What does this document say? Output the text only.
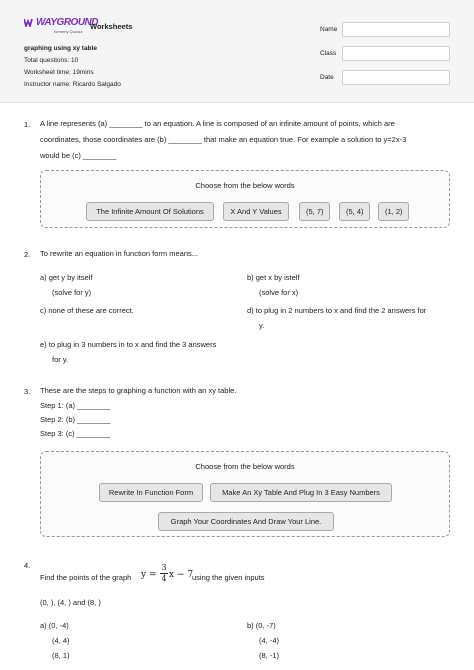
WAYGROUND
formerly Quizizz
Worksheets
graphing using xy table
Total questions: 10
Worksheet time: 19mins
Instructor name: Ricardo Salgado
Name
Class
Date
1. A line represents (a) ________ to an equation. A line is composed of an infinite amount of points, which are
coordinates, those coordinates are (b) ________ that make an equation true. For example a solution to y=2x-3
would be (c) ________
Choose from the below words
The Infinite Amount Of Solutions	X And Y Values	(5, 7)	(5, 4)	(1, 2)
2. To rewrite an equation in function form means...
a) get y by itself
(solve for y)
b) get x by istelf
(solve for x)
c) none of these are correct.	d) to plug in 2 numbers to x and find the 2 answers for
y.
e) to plug in 3 numbers in to x and find the 3 answers
for y.
3. These are the steps to graphing a function with an xy table.
Step 1: (a) ________
Step 2: (b) ________
Step 3: (c) ________
Choose from the below words
Rewrite In Function Form	Make An Xy Table And Plug In 3 Easy Numbers
Graph Your Coordinates And Draw Your Line.
4.
Find the points of the graph	$y = \frac{3}{4}$ x − 7
using the given inputs
(0, ), (4, ) and (8, )
a) (0, -4)
(4, 4)
(8, 1)
b) (0, -7)
(4, -4)
(8, -1)
